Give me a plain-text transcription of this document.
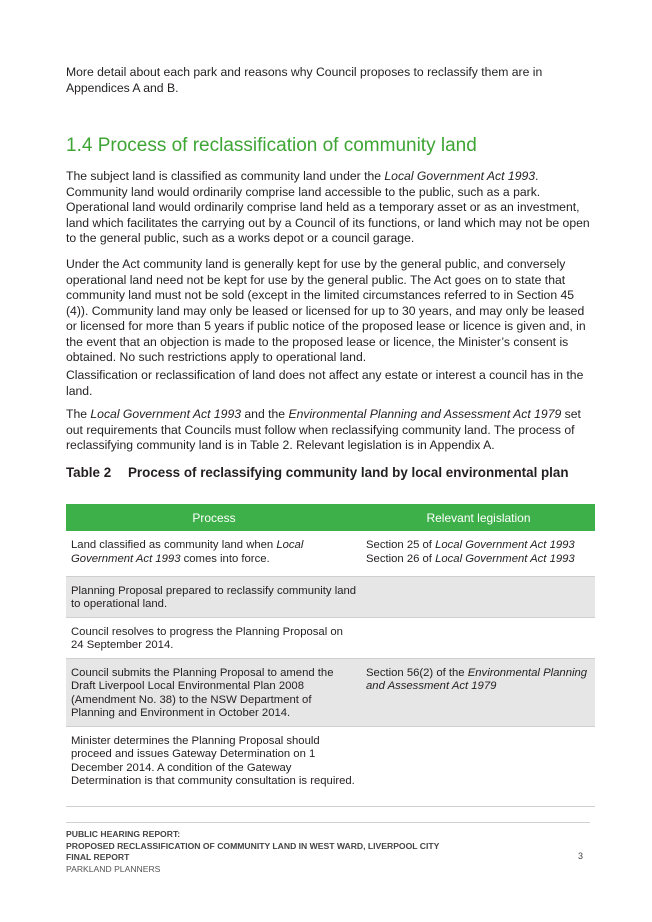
More detail about each park and reasons why Council proposes to reclassify them are in Appendices A and B.

1.4 Process of reclassification of community land

The subject land is classified as community land under the Local Government Act 1993. Community land would ordinarily comprise land accessible to the public, such as a park. Operational land would ordinarily comprise land held as a temporary asset or as an investment, land which facilitates the carrying out by a Council of its functions, or land which may not be open to the general public, such as a works depot or a council garage.

Under the Act community land is generally kept for use by the general public, and conversely operational land need not be kept for use by the general public. The Act goes on to state that community land must not be sold (except in the limited circumstances referred to in Section 45 (4)). Community land may only be leased or licensed for up to 30 years, and may only be leased or licensed for more than 5 years if public notice of the proposed lease or licence is given and, in the event that an objection is made to the proposed lease or licence, the Minister’s consent is obtained. No such restrictions apply to operational land.

Classification or reclassification of land does not affect any estate or interest a council has in the land.

The Local Government Act 1993 and the Environmental Planning and Assessment Act 1979 set out requirements that Councils must follow when reclassifying community land. The process of reclassifying community land is in Table 2. Relevant legislation is in Appendix A.

Table 2 Process of reclassifying community land by local environmental plan
Process	Relevant legislation
Land classified as community land when Local Government Act 1993 comes into force.	Section 25 of Local Government Act 1993
Section 26 of Local Government Act 1993

Planning Proposal prepared to reclassify community land to operational land.	
Council resolves to progress the Planning Proposal on 24 September 2014.	
Council submits the Planning Proposal to amend the Draft Liverpool Local Environmental Plan 2008 (Amendment No. 38) to the NSW Department of Planning and Environment in October 2014.	Section 56(2) of the Environmental Planning and Assessment Act 1979
Minister determines the Planning Proposal should proceed and issues Gateway Determination on 1 December 2014. A condition of the Gateway Determination is that community consultation is required.	
PUBLIC HEARING REPORT:
PROPOSED RECLASSIFICATION OF COMMUNITY LAND IN WEST WARD, LIVERPOOL CITY
FINAL REPORT
PARKLAND PLANNERS
3
